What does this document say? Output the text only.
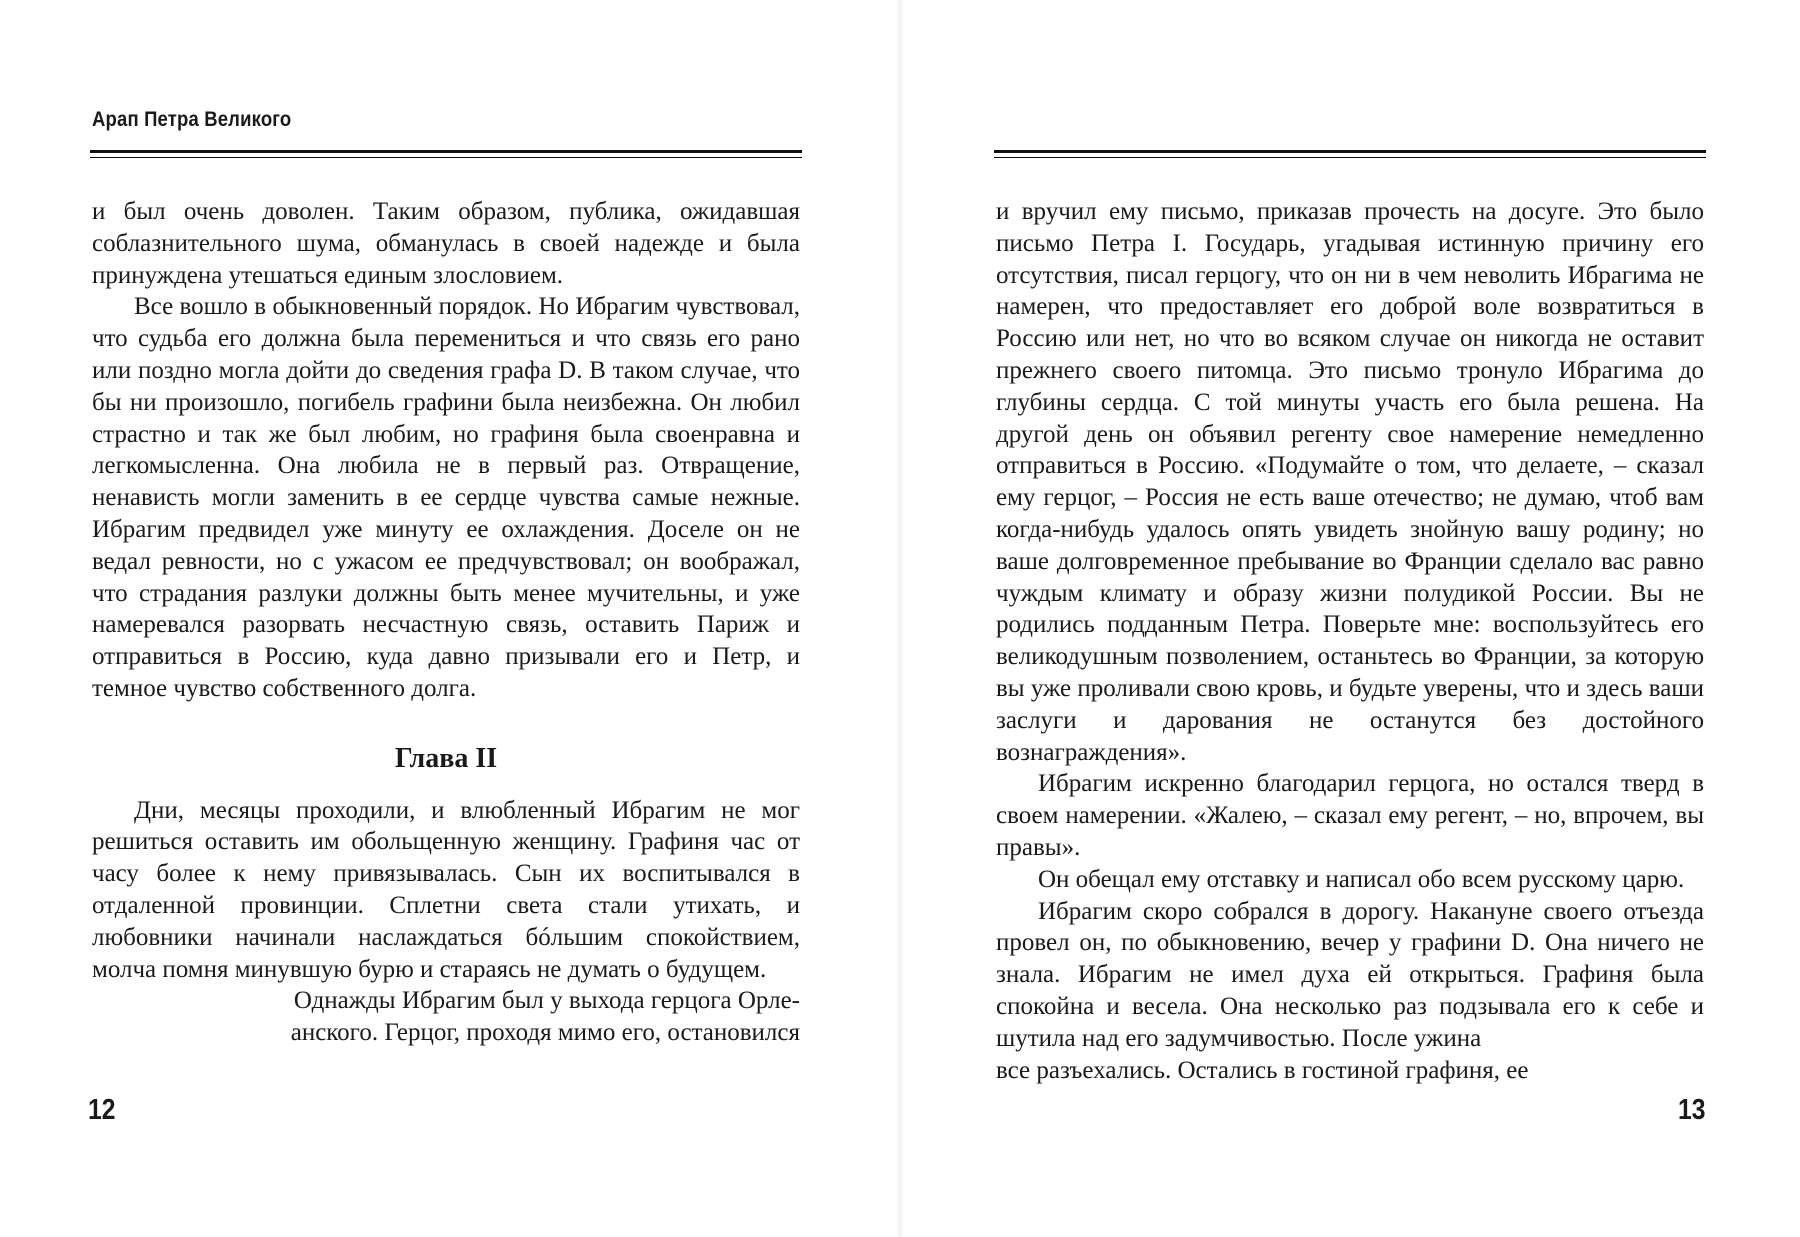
Арап Петра Великого

и был очень доволен. Таким образом, публика, ожидавшая соблазнительного шума, обманулась в своей надежде и была принуждена утешаться единым злословием.

Все вошло в обыкновенный порядок. Но Ибрагим чувствовал, что судьба его должна была перемениться и что связь его рано или поздно могла дойти до сведения графа D. В таком случае, что бы ни произошло, погибель графини была неизбежна. Он любил страстно и так же был любим, но графиня была своенравна и легкомысленна. Она любила не в первый раз. Отвращение, ненависть могли заменить в ее сердце чувства самые нежные. Ибрагим предвидел уже минуту ее охлаждения. Доселе он не ведал ревности, но с ужасом ее предчувствовал; он воображал, что страдания разлуки должны быть менее мучительны, и уже намеревался разорвать несчастную связь, оставить Париж и отправиться в Россию, куда давно призывали его и Петр, и темное чувство собственного долга.

Глава II

Дни, месяцы проходили, и влюбленный Ибрагим не мог решиться оставить им обольщенную женщину. Графиня час от часу более к нему привязывалась. Сын их воспитывался в отдаленной провинции. Сплетни света стали утихать, и любовники начинали наслаждаться бóльшим спокойствием, молча помня минувшую бурю и стараясь не думать о будущем.

Однажды Ибрагим был у выхода герцога Орле-

анского. Герцог, проходя мимо его, остановился

12

и вручил ему письмо, приказав прочесть на досуге. Это было письмо Петра I. Государь, угадывая истинную причину его отсутствия, писал герцогу, что он ни в чем неволить Ибрагима не намерен, что предоставляет его доброй воле возвратиться в Россию или нет, но что во всяком случае он никогда не оставит прежнего своего питомца. Это письмо тронуло Ибрагима до глубины сердца. С той минуты участь его была решена. На другой день он объявил регенту свое намерение немедленно отправиться в Россию. «Подумайте о том, что делаете, – сказал ему герцог, – Россия не есть ваше отечество; не думаю, чтоб вам когда-нибудь удалось опять увидеть знойную вашу родину; но ваше долговременное пребывание во Франции сделало вас равно чуждым климату и образу жизни полудикой России. Вы не родились подданным Петра. Поверьте мне: воспользуйтесь его великодушным позволением, останьтесь во Франции, за которую вы уже проливали свою кровь, и будьте уверены, что и здесь ваши заслуги и дарования не останутся без достойного вознаграждения».

Ибрагим искренно благодарил герцога, но остался тверд в своем намерении. «Жалею, – сказал ему регент, – но, впрочем, вы правы».

Он обещал ему отставку и написал обо всем русскому царю.

Ибрагим скоро собрался в дорогу. Накануне своего отъезда провел он, по обыкновению, вечер у графини D. Она ничего не знала. Ибрагим не имел духа ей открыться. Графиня была спокойна и весела. Она несколько раз подзывала его к себе и шутила над его задумчивостью. После ужина

все разъехались. Остались в гостиной графиня, ее

13
